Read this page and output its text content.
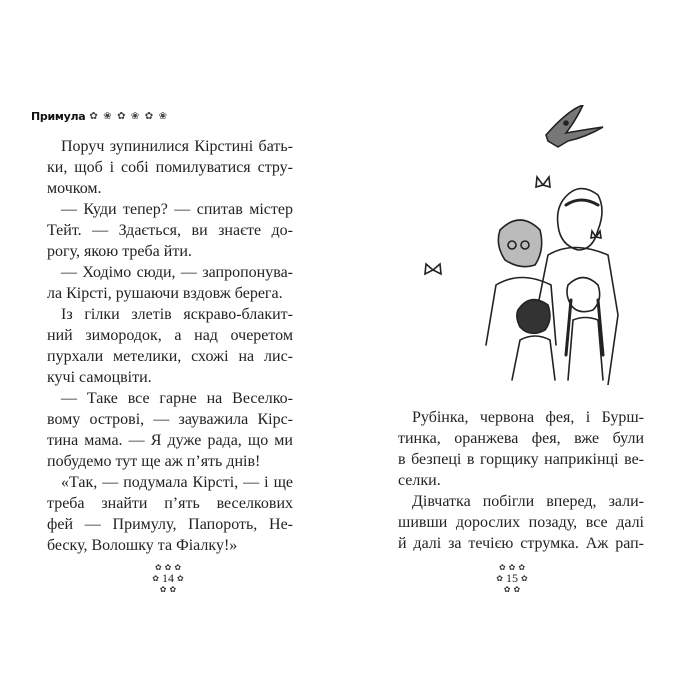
Примула ✿ ❀ ✿ ❀ ✿ ❀
Поруч зупинилися Кірстині бать-
ки, щоб і собі помилуватися стру-
мочком.
— Куди тепер? — спитав містер
Тейт. — Здається, ви знаєте до-
рогу, якою треба йти.
— Ходімо сюди, — запропонува-
ла Кірсті, рушаючи вздовж берега.
Із гілки злетів яскраво-блакит-
ний зимородок, а над очеретом
пурхали метелики, схожі на лис-
кучі самоцвіти.
— Таке все гарне на Веселко-
вому острові, — зауважила Кірс-
тина мама. — Я дуже рада, що ми
побудемо тут ще аж п’ять днів!
«Так, — подумала Кірсті, — і ще
треба знайти п’ять веселкових
фей — Примулу, Папороть, Не-
беску, Волошку та Фіалку!»
✿ ✿ ✿
✿ 14 ✿
✿ ✿
Рубінка, червона фея, і Бурш-
тинка, оранжева фея, вже були
в безпеці в горщику наприкінці ве-
селки.
Дівчатка побігли вперед, зали-
шивши дорослих позаду, все далі
й далі за течією струмка. Аж рап-
✿ ✿ ✿
✿ 15 ✿
✿ ✿
